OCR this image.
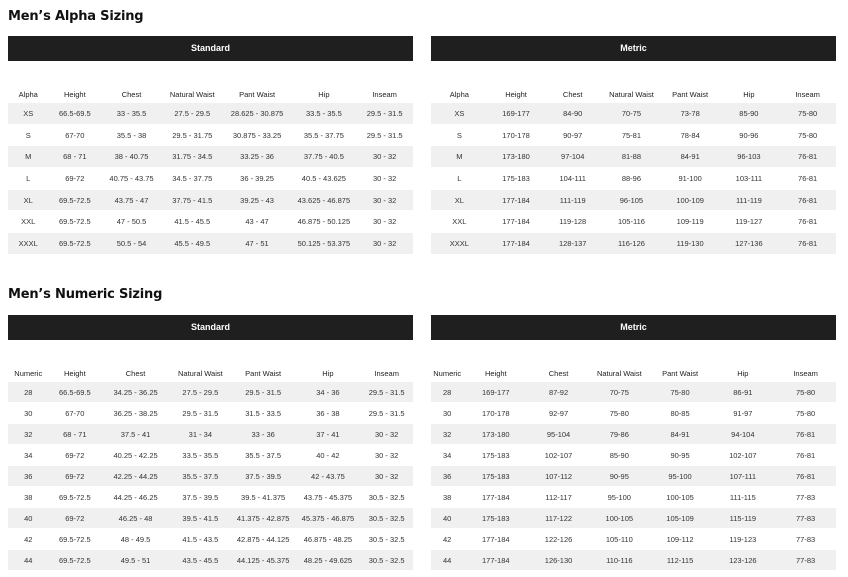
Men’s Alpha Sizing
Standard
Alpha	Height	Chest	Natural Waist	Pant Waist	Hip	Inseam
XS	66.5-69.5	33 - 35.5	27.5 - 29.5	28.625 - 30.875	33.5 - 35.5	29.5 - 31.5
S	67-70	35.5 - 38	29.5 - 31.75	30.875 - 33.25	35.5 - 37.75	29.5 - 31.5
M	68 - 71	38 - 40.75	31.75 - 34.5	33.25 - 36	37.75 - 40.5	30 - 32
L	69-72	40.75 - 43.75	34.5 - 37.75	36 - 39.25	40.5 - 43.625	30 - 32
XL	69.5-72.5	43.75 - 47	37.75 - 41.5	39.25 - 43	43.625 - 46.875	30 - 32
XXL	69.5-72.5	47 - 50.5	41.5 - 45.5	43 - 47	46.875 - 50.125	30 - 32
XXXL	69.5-72.5	50.5 - 54	45.5 - 49.5	47 - 51	50.125 - 53.375	30 - 32
Metric
Alpha	Height	Chest	Natural Waist	Pant Waist	Hip	Inseam
XS	169-177	84-90	70-75	73-78	85-90	75-80
S	170-178	90-97	75-81	78-84	90-96	75-80
M	173-180	97-104	81-88	84-91	96-103	76-81
L	175-183	104-111	88-96	91-100	103-111	76-81
XL	177-184	111-119	96-105	100-109	111-119	76-81
XXL	177-184	119-128	105-116	109-119	119-127	76-81
XXXL	177-184	128-137	116-126	119-130	127-136	76-81
Men’s Numeric Sizing
Standard
Numeric	Height	Chest	Natural Waist	Pant Waist	Hip	Inseam
28	66.5-69.5	34.25 - 36.25	27.5 - 29.5	29.5 - 31.5	34 - 36	29.5 - 31.5
30	67-70	36.25 - 38.25	29.5 - 31.5	31.5 - 33.5	36 - 38	29.5 - 31.5
32	68 - 71	37.5 - 41	31 - 34	33 - 36	37 - 41	30 - 32
34	69-72	40.25 - 42.25	33.5 - 35.5	35.5 - 37.5	40 - 42	30 - 32
36	69-72	42.25 - 44.25	35.5 - 37.5	37.5 - 39.5	42 - 43.75	30 - 32
38	69.5-72.5	44.25 - 46.25	37.5 - 39.5	39.5 - 41.375	43.75 - 45.375	30.5 - 32.5
40	69-72	46.25 - 48	39.5 - 41.5	41.375 - 42.875	45.375 - 46.875	30.5 - 32.5
42	69.5-72.5	48 - 49.5	41.5 - 43.5	42.875 - 44.125	46.875 - 48.25	30.5 - 32.5
44	69.5-72.5	49.5 - 51	43.5 - 45.5	44.125 - 45.375	48.25 - 49.625	30.5 - 32.5
Metric
Numeric	Height	Chest	Natural Waist	Pant Waist	Hip	Inseam
28	169-177	87-92	70-75	75-80	86-91	75-80
30	170-178	92-97	75-80	80-85	91-97	75-80
32	173-180	95-104	79-86	84-91	94-104	76-81
34	175-183	102-107	85-90	90-95	102-107	76-81
36	175-183	107-112	90-95	95-100	107-111	76-81
38	177-184	112-117	95-100	100-105	111-115	77-83
40	175-183	117-122	100-105	105-109	115-119	77-83
42	177-184	122-126	105-110	109-112	119-123	77-83
44	177-184	126-130	110-116	112-115	123-126	77-83
